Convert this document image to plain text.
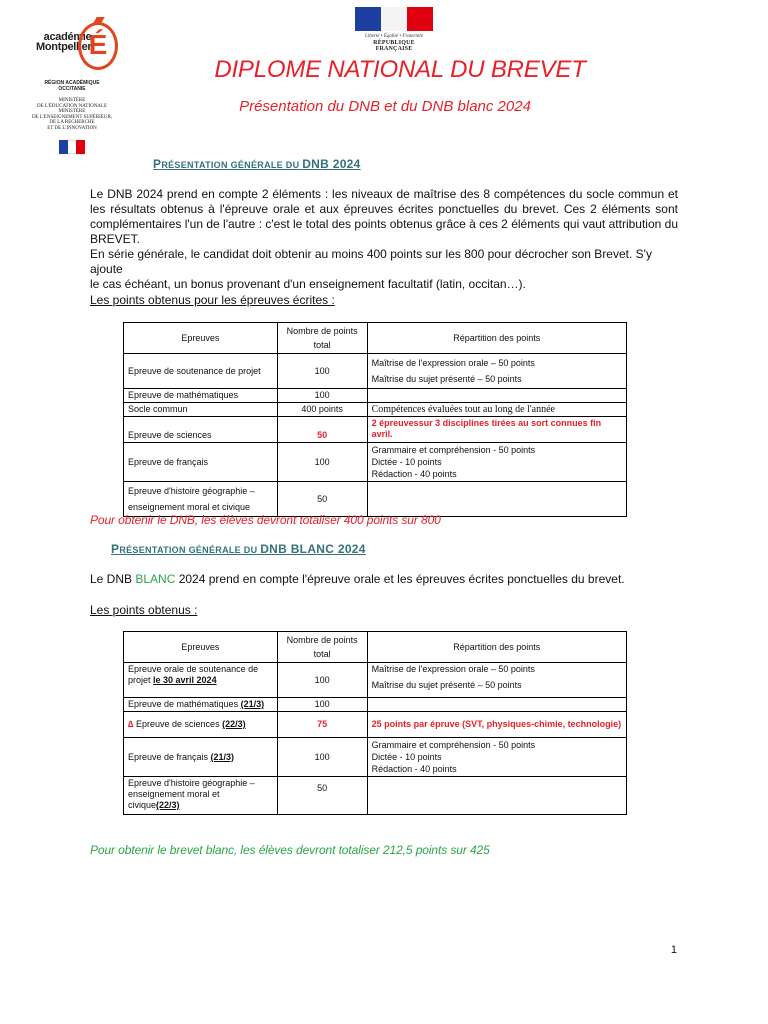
académie
Montpellier
É
RÉGION ACADÉMIQUE
OCCITANIE
MINISTÈRE
DE L'ÉDUCATION NATIONALE
MINISTÈRE
DE L'ENSEIGNEMENT SUPÉRIEUR,
DE LA RECHERCHE
ET DE L'INNOVATION
Liberté • Égalité • Fraternité
RÉPUBLIQUE FRANÇAISE
DIPLOME NATIONAL DU BREVET
Présentation du DNB et du DNB blanc 2024
PRÉSENTATION GÉNÉRALE DU DNB 2024

Le DNB 2024 prend en compte 2 éléments : les niveaux de maîtrise des 8 compétences du socle commun et les résultats obtenus à l'épreuve orale et aux épreuves écrites ponctuelles du brevet. Ces 2 éléments sont complémentaires l'un de l'autre : c'est le total des points obtenus grâce à ces 2 éléments qui vaut attribution du BREVET.

En série générale, le candidat doit obtenir au moins 400 points sur les 800 pour décrocher son Brevet. S'y ajoute

le cas échéant, un bonus provenant d'un enseignement facultatif (latin, occitan…).

Les points obtenus pour les épreuves écrites :
Epreuves	Nombre de points total	Répartition des points
Epreuve de soutenance de projet	100	Maîtrise de l'expression orale – 50 points
Maîtrise du sujet présenté – 50 points

Epreuve de mathématiques	100	
Socle commun	400 points	Compétences évaluées tout au long de l'année
Epreuve de sciences	50	2 épreuvessur 3 disciplines tirées au sort connues fin avril.
Epreuve de français	100	Grammaire et compréhension - 50 points
Dictée - 10 points
Rédaction - 40 points

Epreuve d'histoire géographie – enseignement moral et civique	50	
Pour obtenir le DNB, les élèves devront totaliser 400 points sur 800
PRÉSENTATION GÉNÉRALE DU DNB BLANC 2024
Le DNB BLANC 2024 prend en compte l'épreuve orale et les épreuves écrites ponctuelles du brevet.
Les points obtenus :
Epreuves	Nombre de points total	Répartition des points
Epreuve orale de soutenance de projet le 30 avril 2024	100	Maîtrise de l'expression orale – 50 points
Maîtrise du sujet présenté – 50 points

Epreuve de mathématiques (21/3)	100	
∆ Epreuve de sciences (22/3)	75	25 points par épruve (SVT, physiques-chimie, technologie)
Epreuve de français (21/3)	100	Grammaire et compréhension - 50 points
Dictée - 10 points
Rédaction - 40 points

Epreuve d'histoire géographie – enseignement moral et civique(22/3)	50	
Pour obtenir le brevet blanc, les élèves devront totaliser 212,5 points sur 425
1
